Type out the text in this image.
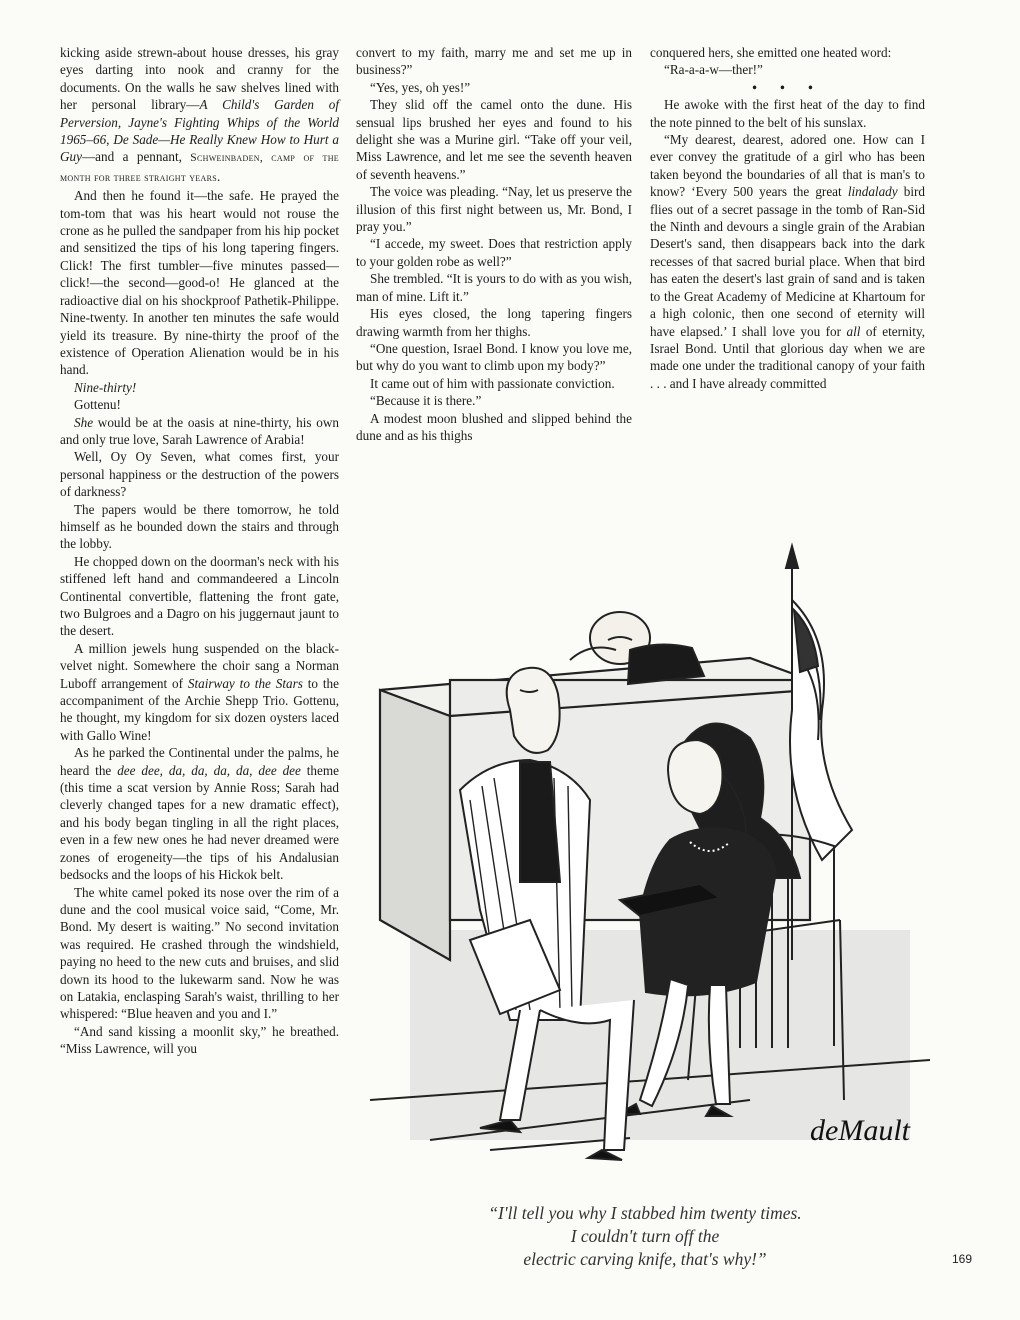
kicking aside strewn-about house dresses, his gray eyes darting into nook and cranny for the documents. On the walls he saw shelves lined with her personal library—A Child's Garden of Perversion, Jayne's Fighting Whips of the World 1965–66, De Sade—He Really Knew How to Hurt a Guy—and a pennant, Schweinbaden, camp of the month for three straight years.

And then he found it—the safe. He prayed the tom-tom that was his heart would not rouse the crone as he pulled the sandpaper from his hip pocket and sensitized the tips of his long tapering fingers. Click! The first tumbler—five minutes passed—click!—the second—good-o! He glanced at the radioactive dial on his shockproof Pathetik-Philippe. Nine-twenty. In another ten minutes the safe would yield its treasure. By nine-thirty the proof of the existence of Operation Alienation would be in his hand.

Nine-thirty!

Gottenu!

She would be at the oasis at nine-thirty, his own and only true love, Sarah Lawrence of Arabia!

Well, Oy Oy Seven, what comes first, your personal happiness or the destruction of the powers of darkness?

The papers would be there tomorrow, he told himself as he bounded down the stairs and through the lobby.

He chopped down on the doorman's neck with his stiffened left hand and commandeered a Lincoln Continental convertible, flattening the front gate, two Bulgroes and a Dagro on his juggernaut jaunt to the desert.

A million jewels hung suspended on the black-velvet night. Somewhere the choir sang a Norman Luboff arrangement of Stairway to the Stars to the accompaniment of the Archie Shepp Trio. Gottenu, he thought, my kingdom for six dozen oysters laced with Gallo Wine!

As he parked the Continental under the palms, he heard the dee dee, da, da, da, da, dee dee theme (this time a scat version by Annie Ross; Sarah had cleverly changed tapes for a new dramatic effect), and his body began tingling in all the right places, even in a few new ones he had never dreamed were zones of erogeneity—the tips of his Andalusian bedsocks and the loops of his Hickok belt.

The white camel poked its nose over the rim of a dune and the cool musical voice said, “Come, Mr. Bond. My desert is waiting.” No second invitation was required. He crashed through the windshield, paying no heed to the new cuts and bruises, and slid down its hood to the lukewarm sand. Now he was on Latakia, enclasping Sarah's waist, thrilling to her whispered: “Blue heaven and you and I.”

“And sand kissing a moonlit sky,” he breathed. “Miss Lawrence, will you

convert to my faith, marry me and set me up in business?”

“Yes, yes, oh yes!”

They slid off the camel onto the dune. His sensual lips brushed her eyes and found to his delight she was a Murine girl. “Take off your veil, Miss Lawrence, and let me see the seventh heaven of seventh heavens.”

The voice was pleading. “Nay, let us preserve the illusion of this first night between us, Mr. Bond, I pray you.”

“I accede, my sweet. Does that restriction apply to your golden robe as well?”

She trembled. “It is yours to do with as you wish, man of mine. Lift it.”

His eyes closed, the long tapering fingers drawing warmth from her thighs.

“One question, Israel Bond. I know you love me, but why do you want to climb upon my body?”

It came out of him with passionate conviction.

“Because it is there.”

A modest moon blushed and slipped behind the dune and as his thighs

conquered hers, she emitted one heated word:

“Ra-a-a-w—ther!”

• • •

He awoke with the first heat of the day to find the note pinned to the belt of his sunslax.

“My dearest, dearest, adored one. How can I ever convey the gratitude of a girl who has been taken beyond the boundaries of all that is man's to know? ‘Every 500 years the great lindalady bird flies out of a secret passage in the tomb of Ran-Sid the Ninth and devours a single grain of the Arabian Desert's sand, then disappears back into the dark recesses of that sacred burial place. When that bird has eaten the desert's last grain of sand and is taken to the Great Academy of Medicine at Khartoum for a high colonic, then one second of eternity will have elapsed.’ I shall love you for all of eternity, Israel Bond. Until that glorious day when we are made one under the traditional canopy of your faith . . . and I have already committed

deMault
“I'll tell you why I stabbed him twenty times.
I couldn't turn off the
electric carving knife, that's why!”	169
